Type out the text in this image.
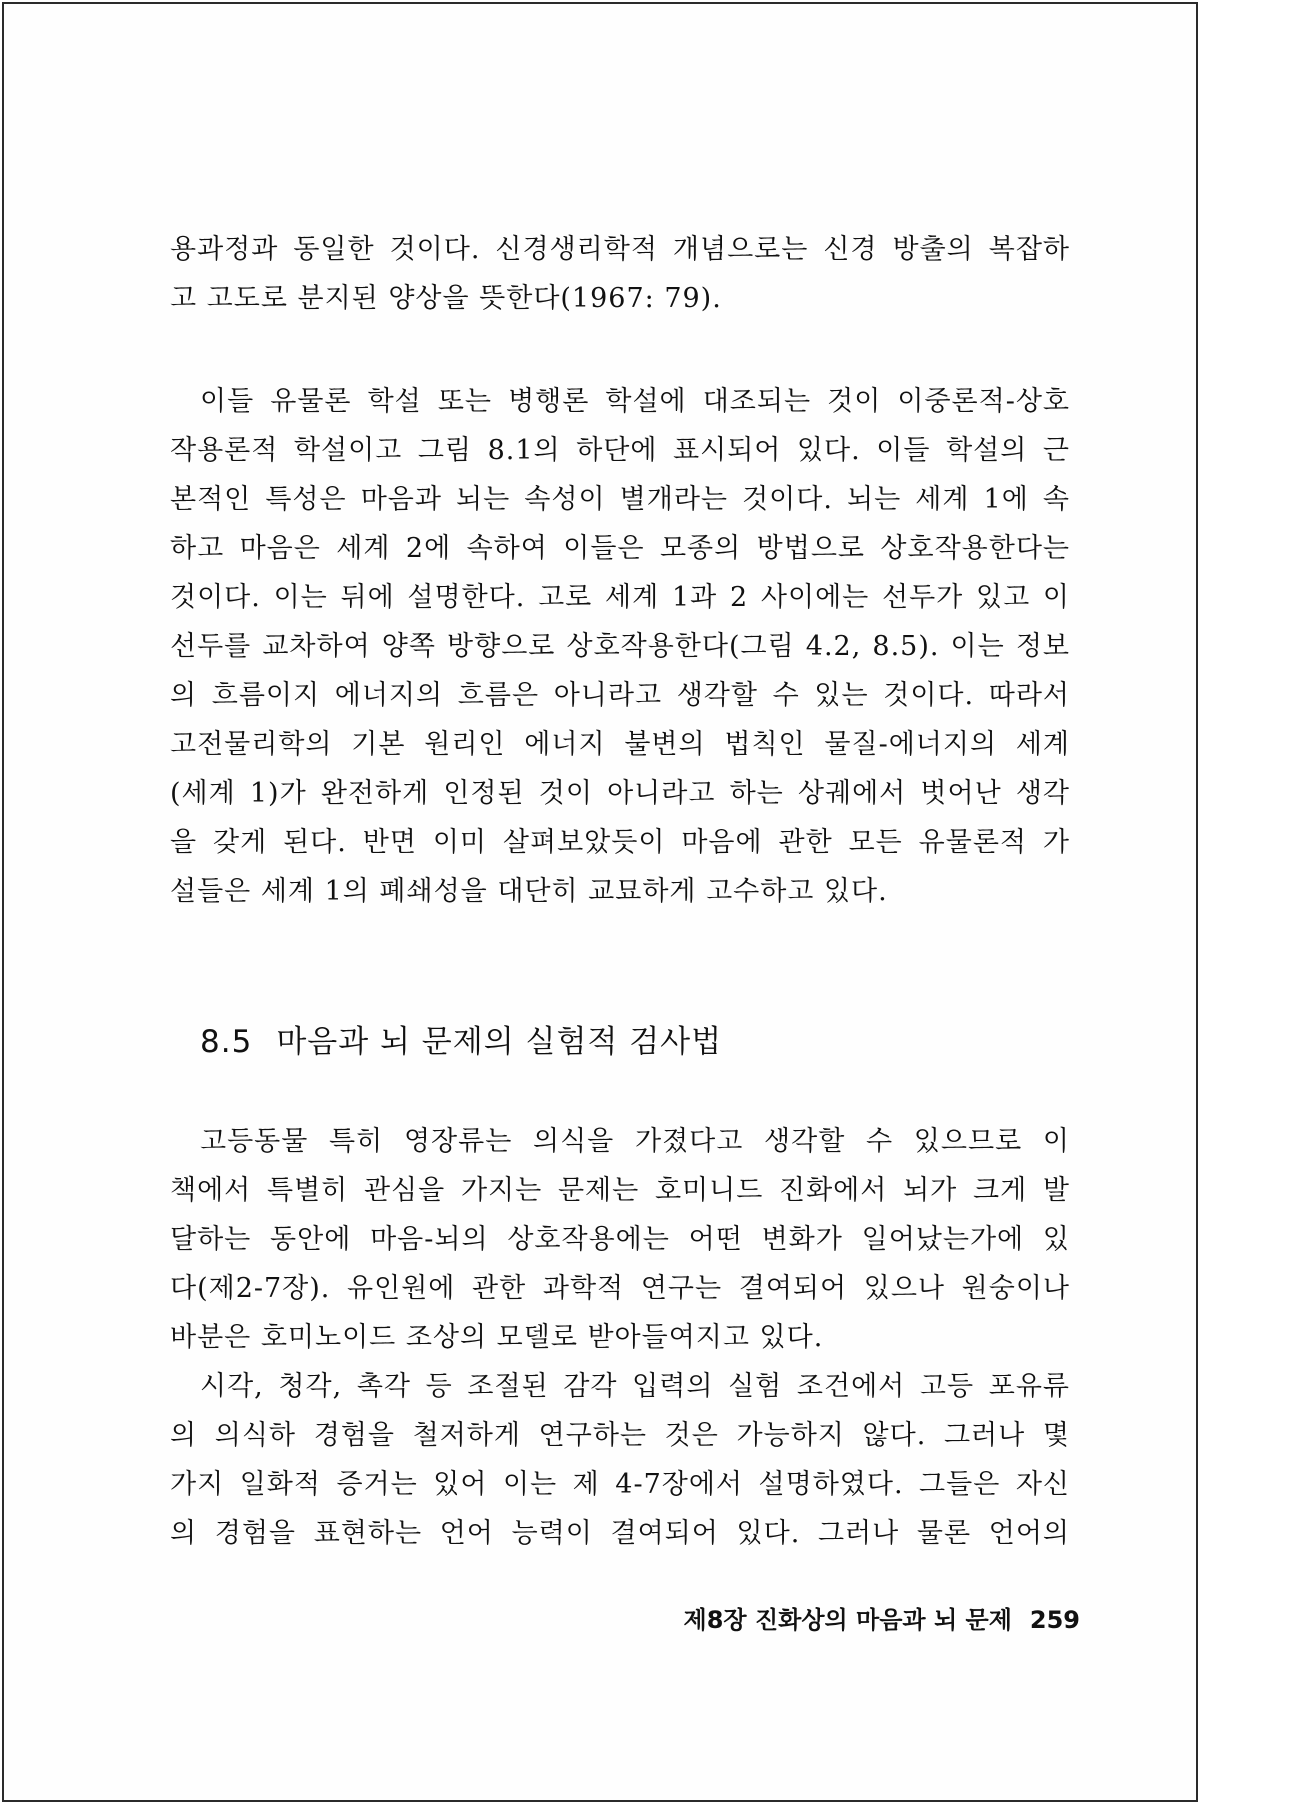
용과정과 동일한 것이다. 신경생리학적 개념으로는 신경 방출의 복잡하
고 고도로 분지된 양상을 뜻한다(1967: 79).
이들 유물론 학설 또는 병행론 학설에 대조되는 것이 이중론적-상호
작용론적 학설이고 그림 8.1의 하단에 표시되어 있다. 이들 학설의 근
본적인 특성은 마음과 뇌는 속성이 별개라는 것이다. 뇌는 세계 1에 속
하고 마음은 세계 2에 속하여 이들은 모종의 방법으로 상호작용한다는
것이다. 이는 뒤에 설명한다. 고로 세계 1과 2 사이에는 선두가 있고 이
선두를 교차하여 양쪽 방향으로 상호작용한다(그림 4.2, 8.5). 이는 정보
의 흐름이지 에너지의 흐름은 아니라고 생각할 수 있는 것이다. 따라서
고전물리학의 기본 원리인 에너지 불변의 법칙인 물질-에너지의 세계
(세계 1)가 완전하게 인정된 것이 아니라고 하는 상궤에서 벗어난 생각
을 갖게 된다. 반면 이미 살펴보았듯이 마음에 관한 모든 유물론적 가
설들은 세계 1의 폐쇄성을 대단히 교묘하게 고수하고 있다.
8.5 마음과 뇌 문제의 실험적 검사법
고등동물 특히 영장류는 의식을 가졌다고 생각할 수 있으므로 이
책에서 특별히 관심을 가지는 문제는 호미니드 진화에서 뇌가 크게 발
달하는 동안에 마음-뇌의 상호작용에는 어떤 변화가 일어났는가에 있
다(제2-7장). 유인원에 관한 과학적 연구는 결여되어 있으나 원숭이나
바분은 호미노이드 조상의 모델로 받아들여지고 있다.
시각, 청각, 촉각 등 조절된 감각 입력의 실험 조건에서 고등 포유류
의 의식하 경험을 철저하게 연구하는 것은 가능하지 않다. 그러나 몇
가지 일화적 증거는 있어 이는 제 4-7장에서 설명하였다. 그들은 자신
의 경험을 표현하는 언어 능력이 결여되어 있다. 그러나 물론 언어의
제8장 진화상의 마음과 뇌 문제 259
